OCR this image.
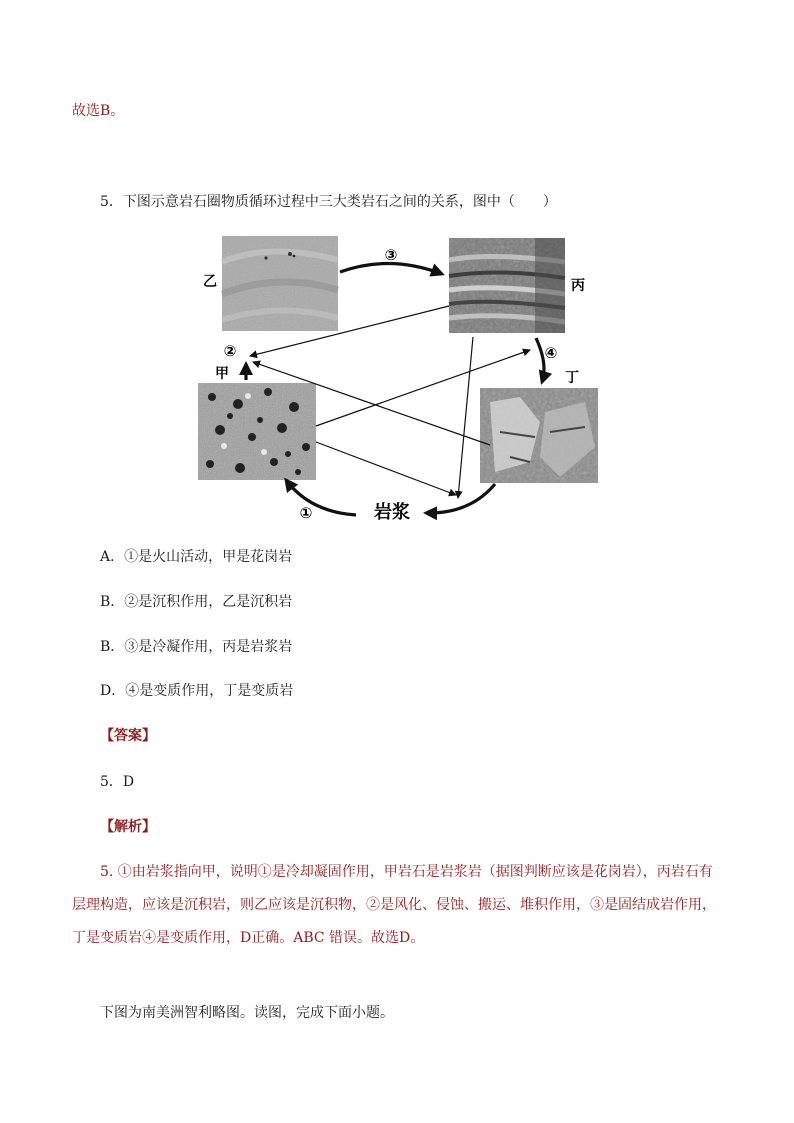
故选B。
5．下图示意岩石圈物质循环过程中三大类岩石之间的关系，图中（　　）
乙	丙
丁
甲
岩浆
①
②
③
④
A．①是火山活动，甲是花岗岩
B．②是沉积作用，乙是沉积岩
B．③是冷凝作用，丙是岩浆岩
D．④是变质作用，丁是变质岩
【答案】
5．D
【解析】
5. ①由岩浆指向甲，说明①是冷却凝固作用，甲岩石是岩浆岩（据图判断应该是花岗岩），丙岩石有
层理构造，应该是沉积岩，则乙应该是沉积物，②是风化、侵蚀、搬运、堆积作用，③是固结成岩作用，
丁是变质岩④是变质作用，D正确。ABC 错误。故选D。
下图为南美洲智利略图。读图，完成下面小题。
